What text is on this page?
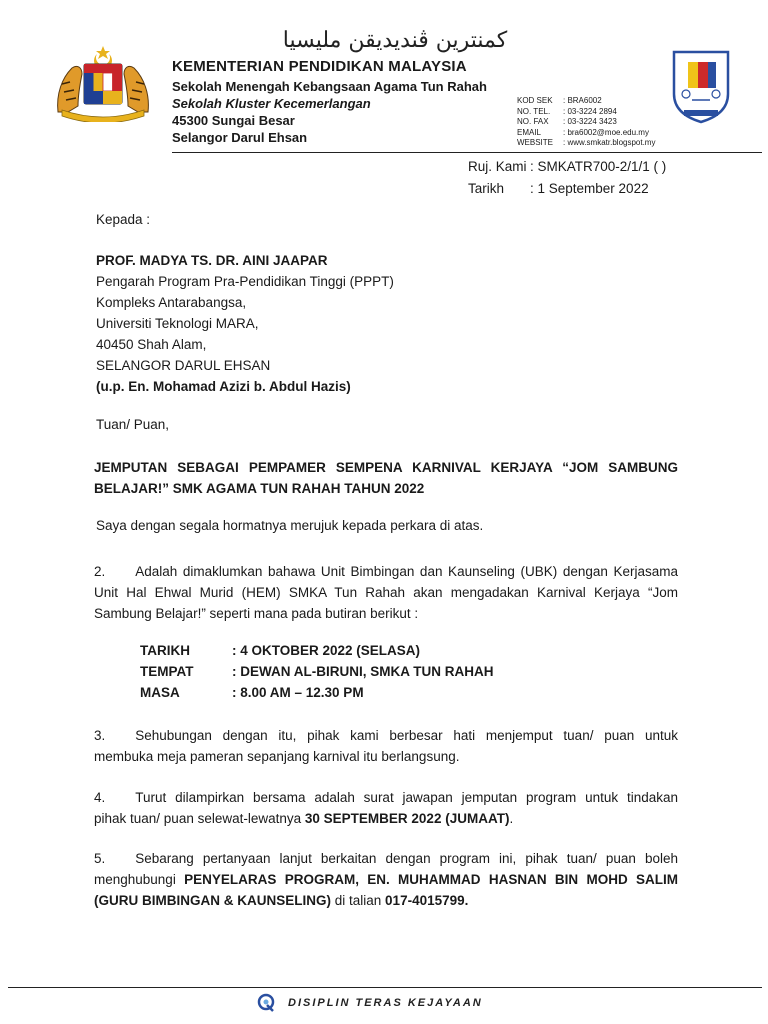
ﻛﻤﻨﺘﺮﻳﻦ ﭬﻨﺪﻳﺪﻳﻘﻦ ﻣﻠﻴﺴﻴﺎ
KEMENTERIAN PENDIDIKAN MALAYSIA
Sekolah Menengah Kebangsaan Agama Tun Rahah
Sekolah Kluster Kecemerlangan
45300 Sungai Besar
Selangor Darul Ehsan
KOD SEK	: BRA6002
NO. TEL.	: 03-3224 2894
NO. FAX	: 03-3224 3423
EMAIL	: bra6002@moe.edu.my
WEBSITE	: www.smkatr.blogspot.my
Ruj. Kami : SMKATR700-2/1/1 ( )
Tarikh	: 1 September 2022
Kepada :
PROF. MADYA TS. DR. AINI JAAPAR
Pengarah Program Pra-Pendidikan Tinggi (PPPT)
Kompleks Antarabangsa,
Universiti Teknologi MARA,
40450 Shah Alam,
SELANGOR DARUL EHSAN
(u.p. En. Mohamad Azizi b. Abdul Hazis)
Tuan/ Puan,
JEMPUTAN SEBAGAI PEMPAMER SEMPENA KARNIVAL KERJAYA “JOM SAMBUNG
BELAJAR!” SMK AGAMA TUN RAHAH TAHUN 2022
Saya dengan segala hormatnya merujuk kepada perkara di atas.
2. Adalah dimaklumkan bahawa Unit Bimbingan dan Kaunseling (UBK) dengan Kerjasama
Unit Hal Ehwal Murid (HEM) SMKA Tun Rahah akan mengadakan Karnival Kerjaya “Jom
Sambung Belajar!” seperti mana pada butiran berikut :
TARIKH	: 4 OKTOBER 2022 (SELASA)
TEMPAT	: DEWAN AL-BIRUNI, SMKA TUN RAHAH
MASA	: 8.00 AM – 12.30 PM
3. Sehubungan dengan itu, pihak kami berbesar hati menjemput tuan/ puan untuk
membuka meja pameran sepanjang karnival itu berlangsung.
4. Turut dilampirkan bersama adalah surat jawapan jemputan program untuk tindakan
pihak tuan/ puan selewat-lewatnya 30 SEPTEMBER 2022 (JUMAAT).
5. Sebarang pertanyaan lanjut berkaitan dengan program ini, pihak tuan/ puan boleh
menghubungi PENYELARAS PROGRAM, EN. MUHAMMAD HASNAN BIN MOHD SALIM
(GURU BIMBINGAN & KAUNSELING) di talian 017-4015799.
DISIPLIN TERAS KEJAYAAN
